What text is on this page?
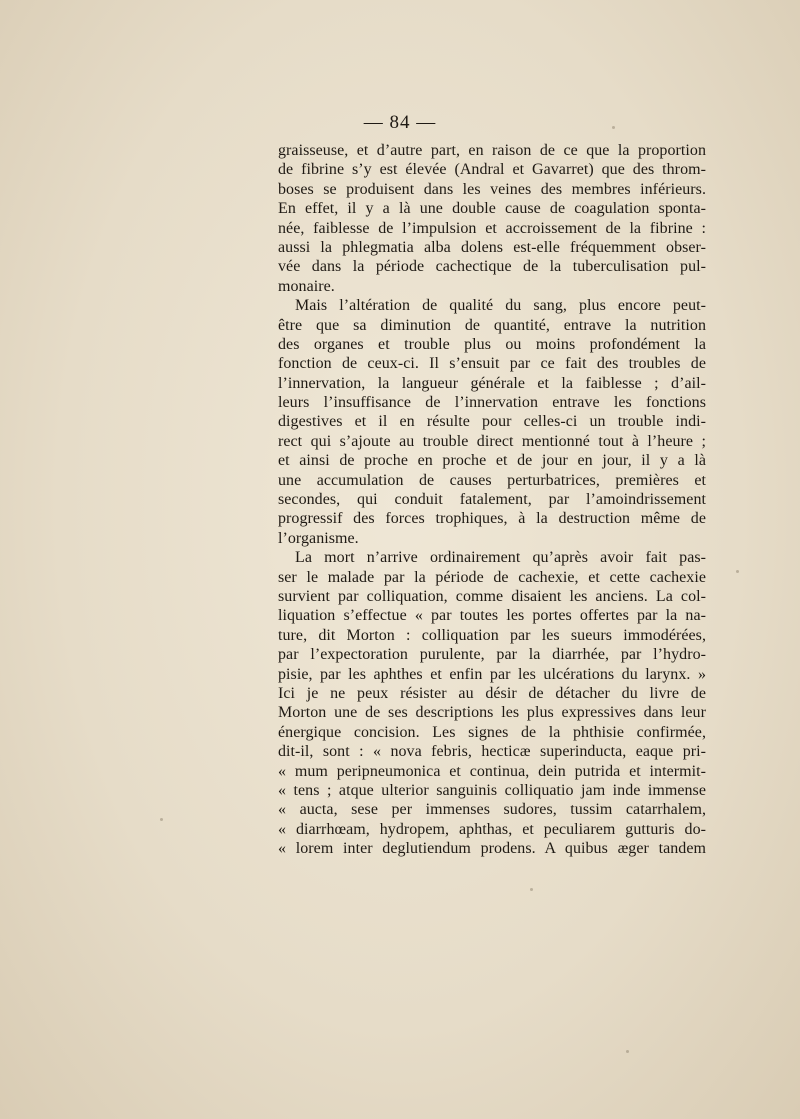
— 84 —
graisseuse, et d’autre part, en raison de ce que la proportion
de fibrine s’y est élevée (Andral et Gavarret) que des throm-
boses se produisent dans les veines des membres inférieurs.
En effet, il y a là une double cause de coagulation sponta-
née, faiblesse de l’impulsion et accroissement de la fibrine :
aussi la phlegmatia alba dolens est-elle fréquemment obser-
vée dans la période cachectique de la tuberculisation pul-
monaire.
Mais l’altération de qualité du sang, plus encore peut-
être que sa diminution de quantité, entrave la nutrition
des organes et trouble plus ou moins profondément la
fonction de ceux-ci. Il s’ensuit par ce fait des troubles de
l’innervation, la langueur générale et la faiblesse ; d’ail-
leurs l’insuffisance de l’innervation entrave les fonctions
digestives et il en résulte pour celles-ci un trouble indi-
rect qui s’ajoute au trouble direct mentionné tout à l’heure ;
et ainsi de proche en proche et de jour en jour, il y a là
une accumulation de causes perturbatrices, premières et
secondes, qui conduit fatalement, par l’amoindrissement
progressif des forces trophiques, à la destruction même de
l’organisme.
La mort n’arrive ordinairement qu’après avoir fait pas-
ser le malade par la période de cachexie, et cette cachexie
survient par colliquation, comme disaient les anciens. La col-
liquation s’effectue « par toutes les portes offertes par la na-
ture, dit Morton : colliquation par les sueurs immodérées,
par l’expectoration purulente, par la diarrhée, par l’hydro-
pisie, par les aphthes et enfin par les ulcérations du larynx. »
Ici je ne peux résister au désir de détacher du livre de
Morton une de ses descriptions les plus expressives dans leur
énergique concision. Les signes de la phthisie confirmée,
dit-il, sont : « nova febris, hecticæ superinducta, eaque pri-
« mum peripneumonica et continua, dein putrida et intermit-
« tens ; atque ulterior sanguinis colliquatio jam inde immense
« aucta, sese per immenses sudores, tussim catarrhalem,
« diarrhœam, hydropem, aphthas, et peculiarem gutturis do-
« lorem inter deglutiendum prodens. A quibus æger tandem
